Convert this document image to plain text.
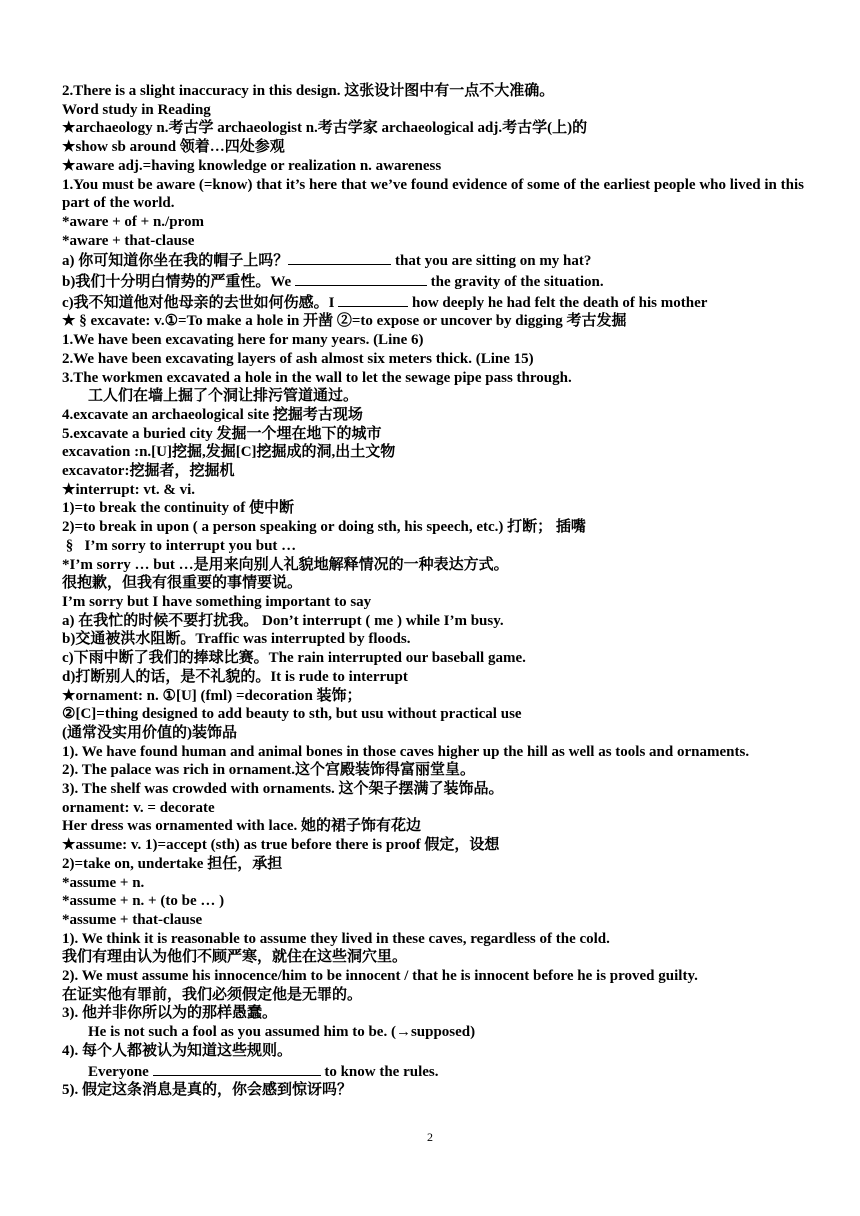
2.There is a slight inaccuracy in this design. 这张设计图中有一点不大准确。
Word study in Reading
★archaeology n.考古学 archaeologist n.考古学家 archaeological adj.考古学(上)的
★show sb around 领着…四处参观
★aware adj.=having knowledge or realization n. awareness
1.You must be aware (=know) that it’s here that we’ve found evidence of some of the earliest people who lived in this part of the world.
*aware + of + n./prom
*aware + that-clause
a) 你可知道你坐在我的帽子上吗？	that you are sitting on my hat?
b)我们十分明白情势的严重性。We	the gravity of the situation.
c)我不知道他对他母亲的去世如何伤感。I	how deeply he had felt the death of his mother
★ § excavate: v.①=To make a hole in 开凿 ②=to expose or uncover by digging 考古发掘
1.We have been excavating here for many years. (Line 6)
2.We have been excavating layers of ash almost six meters thick. (Line 15)
3.The workmen excavated a hole in the wall to let the sewage pipe pass through.
工人们在墙上掘了个洞让排污管道通过。
4.excavate an archaeological site 挖掘考古现场
5.excavate a buried city 发掘一个埋在地下的城市
excavation :n.[U]挖掘,发掘[C]挖掘成的洞,出土文物
excavator:挖掘者，挖掘机
★interrupt: vt. & vi.
1)=to break the continuity of 使中断
2)=to break in upon ( a person speaking or doing sth, his speech, etc.) 打断； 插嘴
§   I’m sorry to interrupt you but …
*I’m sorry … but …是用来向别人礼貌地解释情况的一种表达方式。
很抱歉，但我有很重要的事情要说。
I’m sorry but I have something important to say
a) 在我忙的时候不要打扰我。 Don’t interrupt ( me ) while I’m busy.
b)交通被洪水阻断。Traffic was interrupted by floods.
c)下雨中断了我们的捧球比赛。The rain interrupted our baseball game.
d)打断别人的话，是不礼貌的。It is rude to interrupt
★ornament: n. ①[U] (fml) =decoration 装饰；
②[C]=thing designed to add beauty to sth, but usu without practical use
(通常没实用价值的)装饰品
1). We have found human and animal bones in those caves higher up the hill as well as tools and ornaments.
2). The palace was rich in ornament.这个宫殿装饰得富丽堂皇。
3). The shelf was crowded with ornaments. 这个架子摆满了装饰品。
ornament: v. = decorate
Her dress was ornamented with lace. 她的裙子饰有花边
★assume: v. 1)=accept (sth) as true before there is proof 假定，设想
2)=take on, undertake 担任，承担
*assume + n.
*assume + n. + (to be … )
*assume + that-clause
1). We think it is reasonable to assume they lived in these caves, regardless of the cold.
我们有理由认为他们不顾严寒，就住在这些洞穴里。
2). We must assume his innocence/him to be innocent / that he is innocent before he is proved guilty.
在证实他有罪前，我们必须假定他是无罪的。
3). 他并非你所以为的那样愚蠢。
He is not such a fool as you assumed him to be. (→supposed)
4). 每个人都被认为知道这些规则。
Everyone	to know the rules.
5). 假定这条消息是真的，你会感到惊讶吗？
2
